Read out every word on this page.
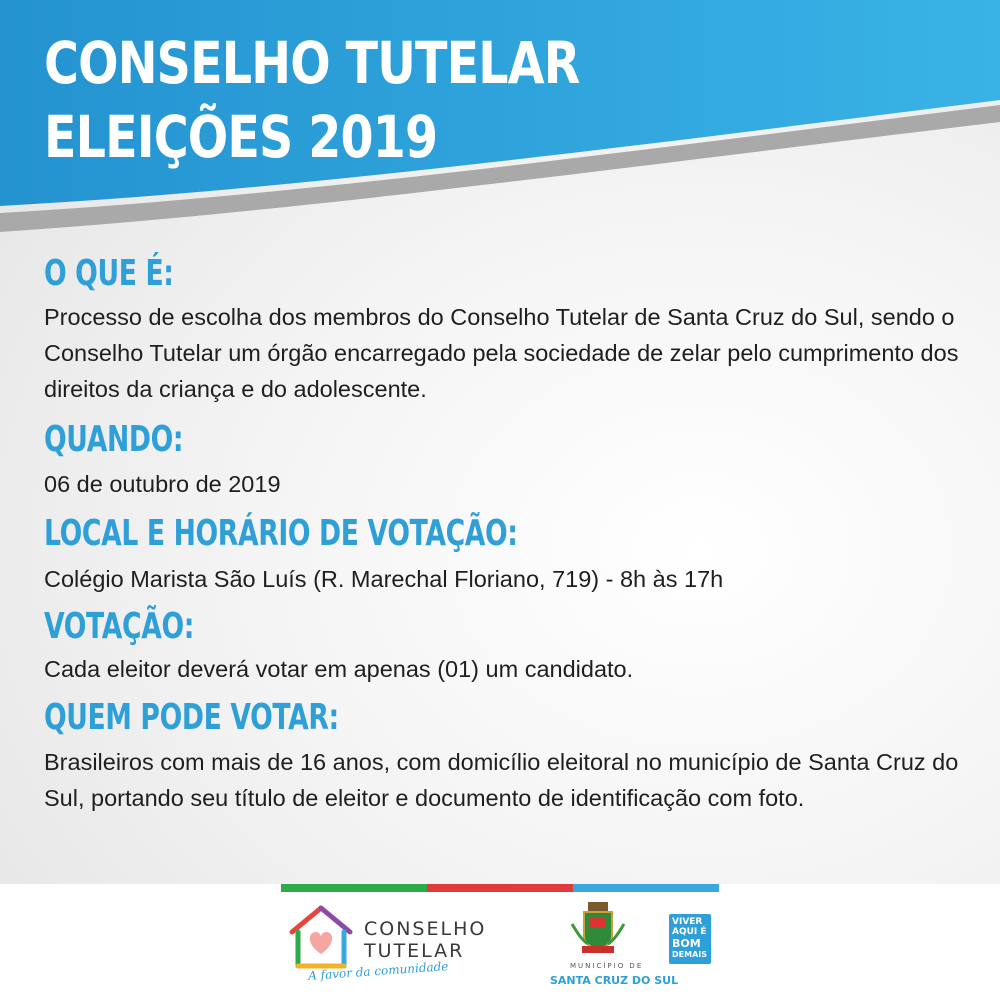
CONSELHO TUTELAR
ELEIÇÕES 2019
O QUE É:
Processo de escolha dos membros do Conselho Tutelar de Santa Cruz do Sul, sendo o Conselho Tutelar um órgão encarregado pela sociedade de zelar pelo cumprimento dos direitos da criança e do adolescente.
QUANDO:
06 de outubro de 2019
LOCAL E HORÁRIO DE VOTAÇÃO:
Colégio Marista São Luís (R. Marechal Floriano, 719) - 8h às 17h
VOTAÇÃO:
Cada eleitor deverá votar em apenas (01) um candidato.
QUEM PODE VOTAR:
Brasileiros com mais de 16 anos, com domicílio eleitoral no município de Santa Cruz do Sul, portando seu título de eleitor e documento de identificação com foto.
CONSELHO
TUTELAR
A favor da comunidade	MUNICÍPIO DE
SANTA CRUZ DO SUL
VIVER
AQUI É
BOM
DEMAIS
